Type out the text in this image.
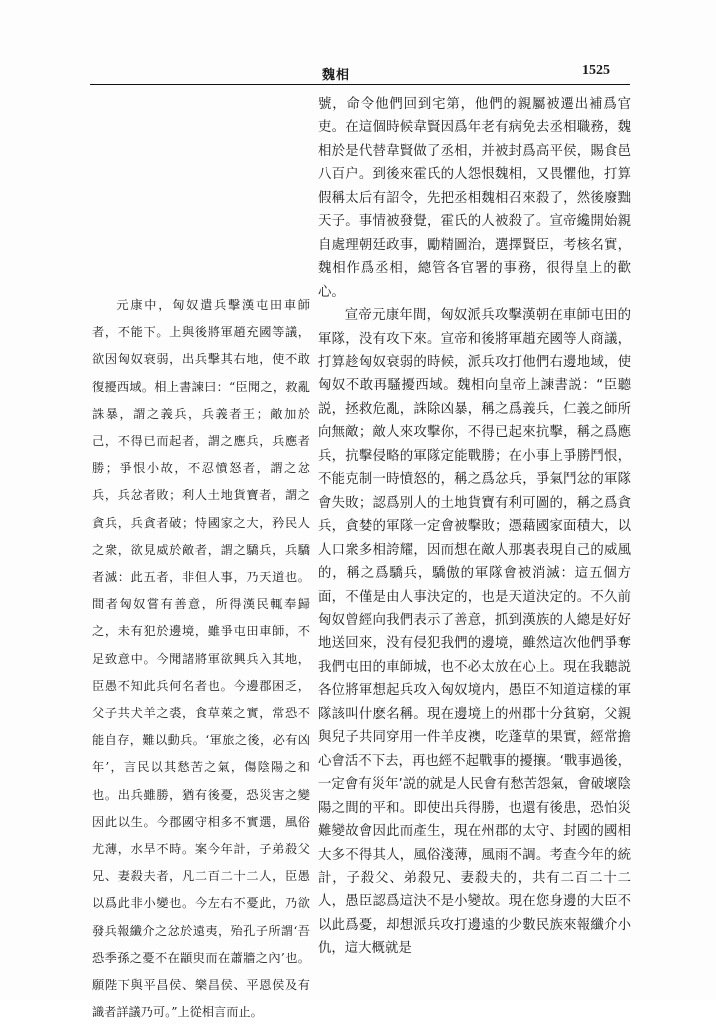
魏相	1525

元康中，匈奴遣兵擊漢屯田車師者，不能下。上與後將軍趙充國等議，欲因匈奴衰弱，出兵擊其右地，使不敢復擾西域。相上書諫曰：“臣聞之，救亂誅暴，謂之義兵，兵義者王；敵加於己，不得已而起者，謂之應兵，兵應者勝；爭恨小故，不忍憤怒者，謂之忿兵，兵忿者敗；利人土地貨寶者，謂之貪兵，兵貪者破；恃國家之大，矜民人之衆，欲見威於敵者，謂之驕兵，兵驕者滅：此五者，非但人事，乃天道也。間者匈奴嘗有善意，所得漢民輒奉歸之，未有犯於邊境，雖爭屯田車師，不足致意中。今聞諸將軍欲興兵入其地，臣愚不知此兵何名者也。今邊郡困乏，父子共犬羊之裘，食草萊之實，常恐不能自存，難以動兵。‘軍旅之後，必有凶年’，言民以其愁苦之氣，傷陰陽之和也。出兵雖勝，猶有後憂，恐災害之變因此以生。今郡國守相多不實選，風俗尤薄，水旱不時。案今年計，子弟殺父兄、妻殺夫者，凡二百二十二人，臣愚以爲此非小變也。今左右不憂此，乃欲發兵報纖介之忿於遠夷，殆孔子所謂‘吾恐季孫之憂不在顓臾而在蕭牆之內’也。願陛下與平昌侯、樂昌侯、平恩侯及有識者詳議乃可。”上從相言而止。

號，命令他們回到宅第，他們的親屬被遷出補爲官吏。在這個時候韋賢因爲年老有病免去丞相職務，魏相於是代替韋賢做了丞相，并被封爲高平侯，賜食邑八百户。到後來霍氏的人怨恨魏相，又畏懼他，打算假稱太后有詔令，先把丞相魏相召來殺了，然後廢黜天子。事情被發覺，霍氏的人被殺了。宣帝纔開始親自處理朝廷政事，勵精圖治，選擇賢臣，考核名實，魏相作爲丞相，總管各官署的事務，很得皇上的歡心。

宣帝元康年間，匈奴派兵攻擊漢朝在車師屯田的軍隊，没有攻下來。宣帝和後將軍趙充國等人商議，打算趁匈奴衰弱的時候，派兵攻打他們右邊地域，使匈奴不敢再騷擾西域。魏相向皇帝上諫書説：“臣聽説，拯救危亂，誅除凶暴，稱之爲義兵，仁義之師所向無敵；敵人來攻擊你，不得已起來抗擊，稱之爲應兵，抗擊侵略的軍隊定能戰勝；在小事上爭勝鬥恨，不能克制一時憤怒的，稱之爲忿兵，爭氣鬥忿的軍隊會失敗；認爲别人的土地貨寶有利可圖的，稱之爲貪兵，貪婪的軍隊一定會被擊敗；憑藉國家面積大，以人口衆多相誇耀，因而想在敵人那裏表現自己的威風的，稱之爲驕兵，驕傲的軍隊會被消滅：這五個方面，不僅是由人事決定的，也是天道決定的。不久前匈奴曾經向我們表示了善意，抓到漢族的人總是好好地送回來，没有侵犯我們的邊境，雖然這次他們爭奪我們屯田的車師城，也不必太放在心上。現在我聽説各位將軍想起兵攻入匈奴境内，愚臣不知道這樣的軍隊該叫什麽名稱。現在邊境上的州郡十分貧窮，父親與兒子共同穿用一件羊皮襖，吃蓬草的果實，經常擔心會活不下去，再也經不起戰事的擾攘。‘戰事過後，一定會有災年’説的就是人民會有愁苦怨氣，會破壞陰陽之間的平和。即使出兵得勝，也還有後患，恐怕災難變故會因此而產生，現在州郡的太守、封國的國相大多不得其人，風俗淺薄，風雨不調。考查今年的統計，子殺父、弟殺兄、妻殺夫的，共有二百二十二人，愚臣認爲這決不是小變故。現在您身邊的大臣不以此爲憂，却想派兵攻打邊遠的少數民族來報纖介小仇，這大概就是
